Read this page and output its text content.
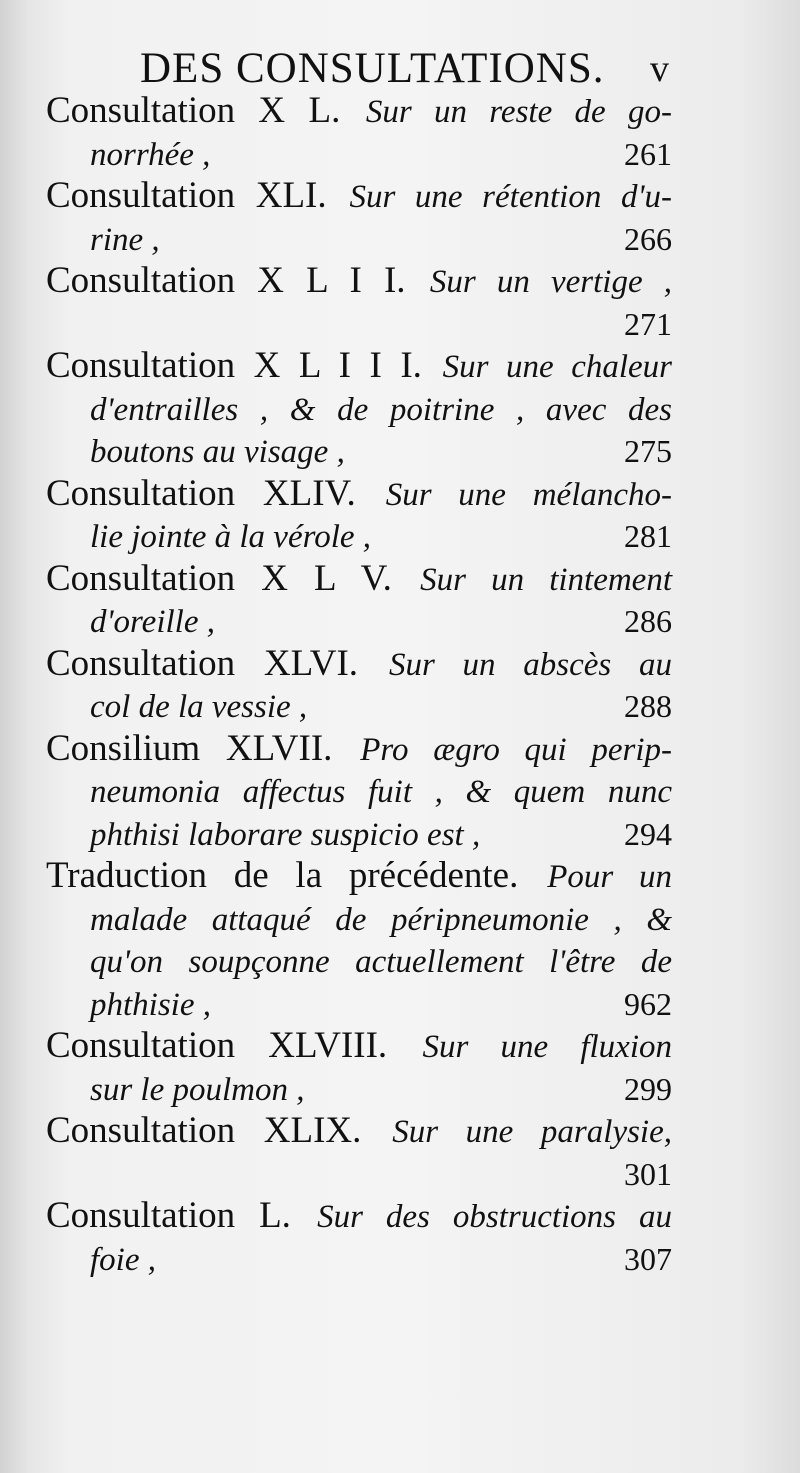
DES CONSULTATIONS. v
Consultation X L. Sur un reste de go-
norrhée ,	261
Consultation XLI. Sur une rétention d'u-
rine ,	266
Consultation X L I I. Sur un vertige ,
271
Consultation X L I I I. Sur une chaleur
d'entrailles , & de poitrine , avec des
boutons au visage ,	275
Consultation XLIV. Sur une mélancho-
lie jointe à la vérole ,	281
Consultation X L V. Sur un tintement
d'oreille ,	286
Consultation XLVI. Sur un abscès au
col de la vessie ,	288
Consilium XLVII. Pro ægro qui perip-
neumonia affectus fuit , & quem nunc
phthisi laborare suspicio est ,	294
Traduction de la précédente. Pour un
malade attaqué de péripneumonie , &
qu'on soupçonne actuellement l'être de
phthisie ,	962
Consultation XLVIII. Sur une fluxion
sur le poulmon ,	299
Consultation XLIX. Sur une paralysie,
301
Consultation L. Sur des obstructions au
foie ,	307
